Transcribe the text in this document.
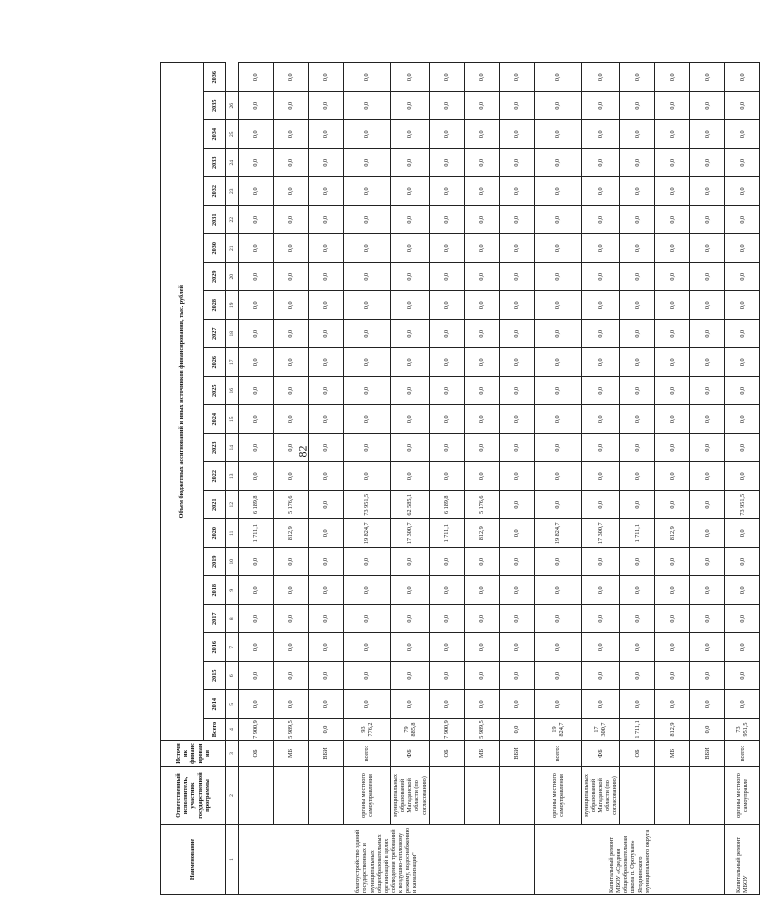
82
Наименование	Ответственный исполнитель, участник государственной программы	Источник финансирования	Объем бюджетных ассигнований и иных источников финансирования, тыс. рублей																							
			Всего	2014	2015	2016	2017	2018	2019	2020	2021	2022	2023	2024	2025	2026	2027	2028	2029	2030	2031	2032	2033	2034	2035	2036
1	2	3	4	5	6	7	8	9	10	11	12	13	14	15	16	17	18	19	20	21	22	23	24	25	26	
благоустройство зданий государственных и муниципальных общеобразовательных организаций в целях соблюдения требований к воздушно-тепловому режиму, водоснабжению и канализации"		ОБ	7 900,9	0,0	0,0	0,0	0,0	0,0	0,0	1 711,1	6 189,8	0,0	0,0	0,0	0,0	0,0	0,0	0,0	0,0	0,0	0,0	0,0	0,0	0,0	0,0	0,0
		МБ	5 989,5	0,0	0,0	0,0	0,0	0,0	0,0	812,9	5 176,6	0,0	0,0	0,0	0,0	0,0	0,0	0,0	0,0	0,0	0,0	0,0	0,0	0,0	0,0	0,0
		ВБИ	0,0	0,0	0,0	0,0	0,0	0,0	0,0	0,0	0,0	0,0	0,0	0,0	0,0	0,0	0,0	0,0	0,0	0,0	0,0	0,0	0,0	0,0	0,0	0,0
	органы местного самоуправления	всего:	93 776,2	0,0	0,0	0,0	0,0	0,0	0,0	19 824,7	73 951,5	0,0	0,0	0,0	0,0	0,0	0,0	0,0	0,0	0,0	0,0	0,0	0,0	0,0	0,0	0,0
	муниципальных образований Магаданской области (по согласованию)	ФБ	79 885,8	0,0	0,0	0,0	0,0	0,0	0,0	17 300,7	62 585,1	0,0	0,0	0,0	0,0	0,0	0,0	0,0	0,0	0,0	0,0	0,0	0,0	0,0	0,0	0,0
		ОБ	7 900,9	0,0	0,0	0,0	0,0	0,0	0,0	1 711,1	6 189,8	0,0	0,0	0,0	0,0	0,0	0,0	0,0	0,0	0,0	0,0	0,0	0,0	0,0	0,0	0,0
		МБ	5 989,5	0,0	0,0	0,0	0,0	0,0	0,0	812,9	5 176,6	0,0	0,0	0,0	0,0	0,0	0,0	0,0	0,0	0,0	0,0	0,0	0,0	0,0	0,0	0,0
		ВБИ	0,0	0,0	0,0	0,0	0,0	0,0	0,0	0,0	0,0	0,0	0,0	0,0	0,0	0,0	0,0	0,0	0,0	0,0	0,0	0,0	0,0	0,0	0,0	0,0
Капитальный ремонт МБОУ «Средняя общеобразовательная школа п. Оротукан» Ягоднинского муниципального округа	органы местного самоуправления	всего:	19 824,7	0,0	0,0	0,0	0,0	0,0	0,0	19 824,7	0,0	0,0	0,0	0,0	0,0	0,0	0,0	0,0	0,0	0,0	0,0	0,0	0,0	0,0	0,0	0,0
	муниципальных образований Магаданской области (по согласованию)	ФБ	17 300,7	0,0	0,0	0,0	0,0	0,0	0,0	17 300,7	0,0	0,0	0,0	0,0	0,0	0,0	0,0	0,0	0,0	0,0	0,0	0,0	0,0	0,0	0,0	0,0
		ОБ	1 711,1	0,0	0,0	0,0	0,0	0,0	0,0	1 711,1	0,0	0,0	0,0	0,0	0,0	0,0	0,0	0,0	0,0	0,0	0,0	0,0	0,0	0,0	0,0	0,0
		МБ	812,9	0,0	0,0	0,0	0,0	0,0	0,0	812,9	0,0	0,0	0,0	0,0	0,0	0,0	0,0	0,0	0,0	0,0	0,0	0,0	0,0	0,0	0,0	0,0
		ВБИ	0,0	0,0	0,0	0,0	0,0	0,0	0,0	0,0	0,0	0,0	0,0	0,0	0,0	0,0	0,0	0,0	0,0	0,0	0,0	0,0	0,0	0,0	0,0	0,0
Капитальный ремонт МБОУ	органы местного самоуправле	всего:	73 951,5	0,0	0,0	0,0	0,0	0,0	0,0	0,0	73 951,5	0,0	0,0	0,0	0,0	0,0	0,0	0,0	0,0	0,0	0,0	0,0	0,0	0,0	0,0	0,0
